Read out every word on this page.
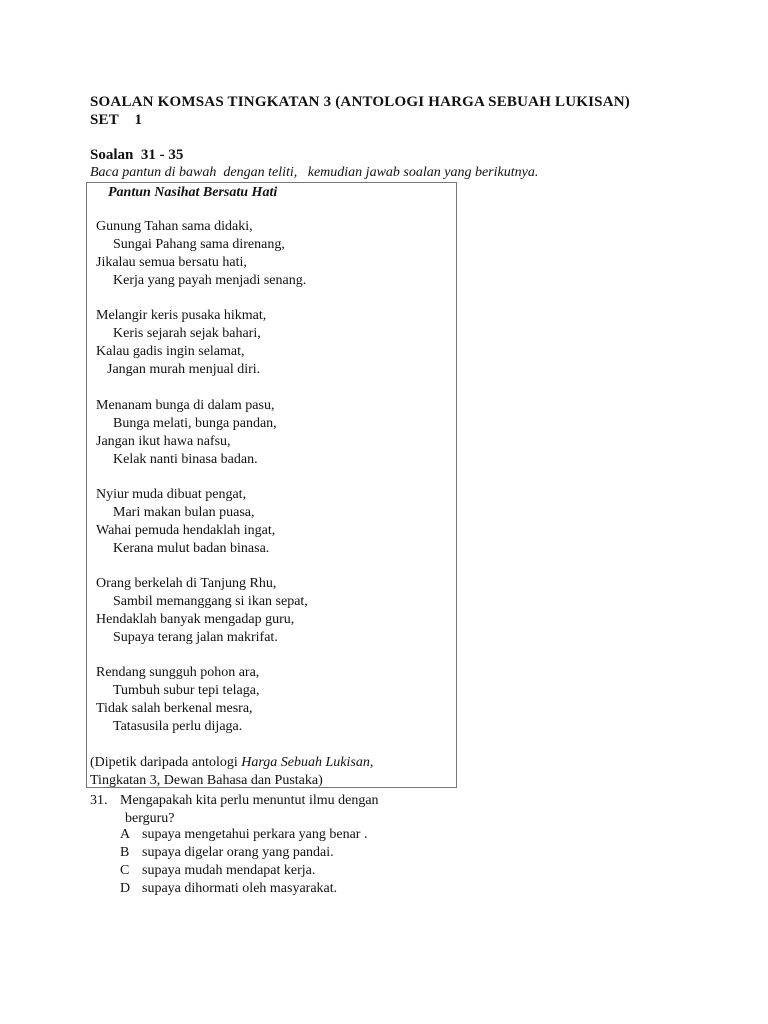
SOALAN KOMSAS TINGKATAN 3 (ANTOLOGI HARGA SEBUAH LUKISAN)
SET    1
Soalan  31 - 35
Baca pantun di bawah  dengan teliti,   kemudian jawab soalan yang berikutnya.
Pantun Nasihat Bersatu Hati
Gunung Tahan sama didaki,
Sungai Pahang sama direnang,
Jikalau semua bersatu hati,
Kerja yang payah menjadi senang.
Melangir keris pusaka hikmat,
Keris sejarah sejak bahari,
Kalau gadis ingin selamat,
Jangan murah menjual diri.
Menanam bunga di dalam pasu,
Bunga melati, bunga pandan,
Jangan ikut hawa nafsu,
Kelak nanti binasa badan.
Nyiur muda dibuat pengat,
Mari makan bulan puasa,
Wahai pemuda hendaklah ingat,
Kerana mulut badan binasa.
Orang berkelah di Tanjung Rhu,
Sambil memanggang si ikan sepat,
Hendaklah banyak mengadap guru,
Supaya terang jalan makrifat.
Rendang sungguh pohon ara,
Tumbuh subur tepi telaga,
Tidak salah berkenal mesra,
Tatasusila perlu dijaga.
(Dipetik daripada antologi Harga Sebuah Lukisan,
Tingkatan 3, Dewan Bahasa dan Pustaka)
31. Mengapakah kita perlu menuntut ilmu dengan
berguru?
A supaya mengetahui perkara yang benar .
B supaya digelar orang yang pandai.
C supaya mudah mendapat kerja.
D supaya dihormati oleh masyarakat.
